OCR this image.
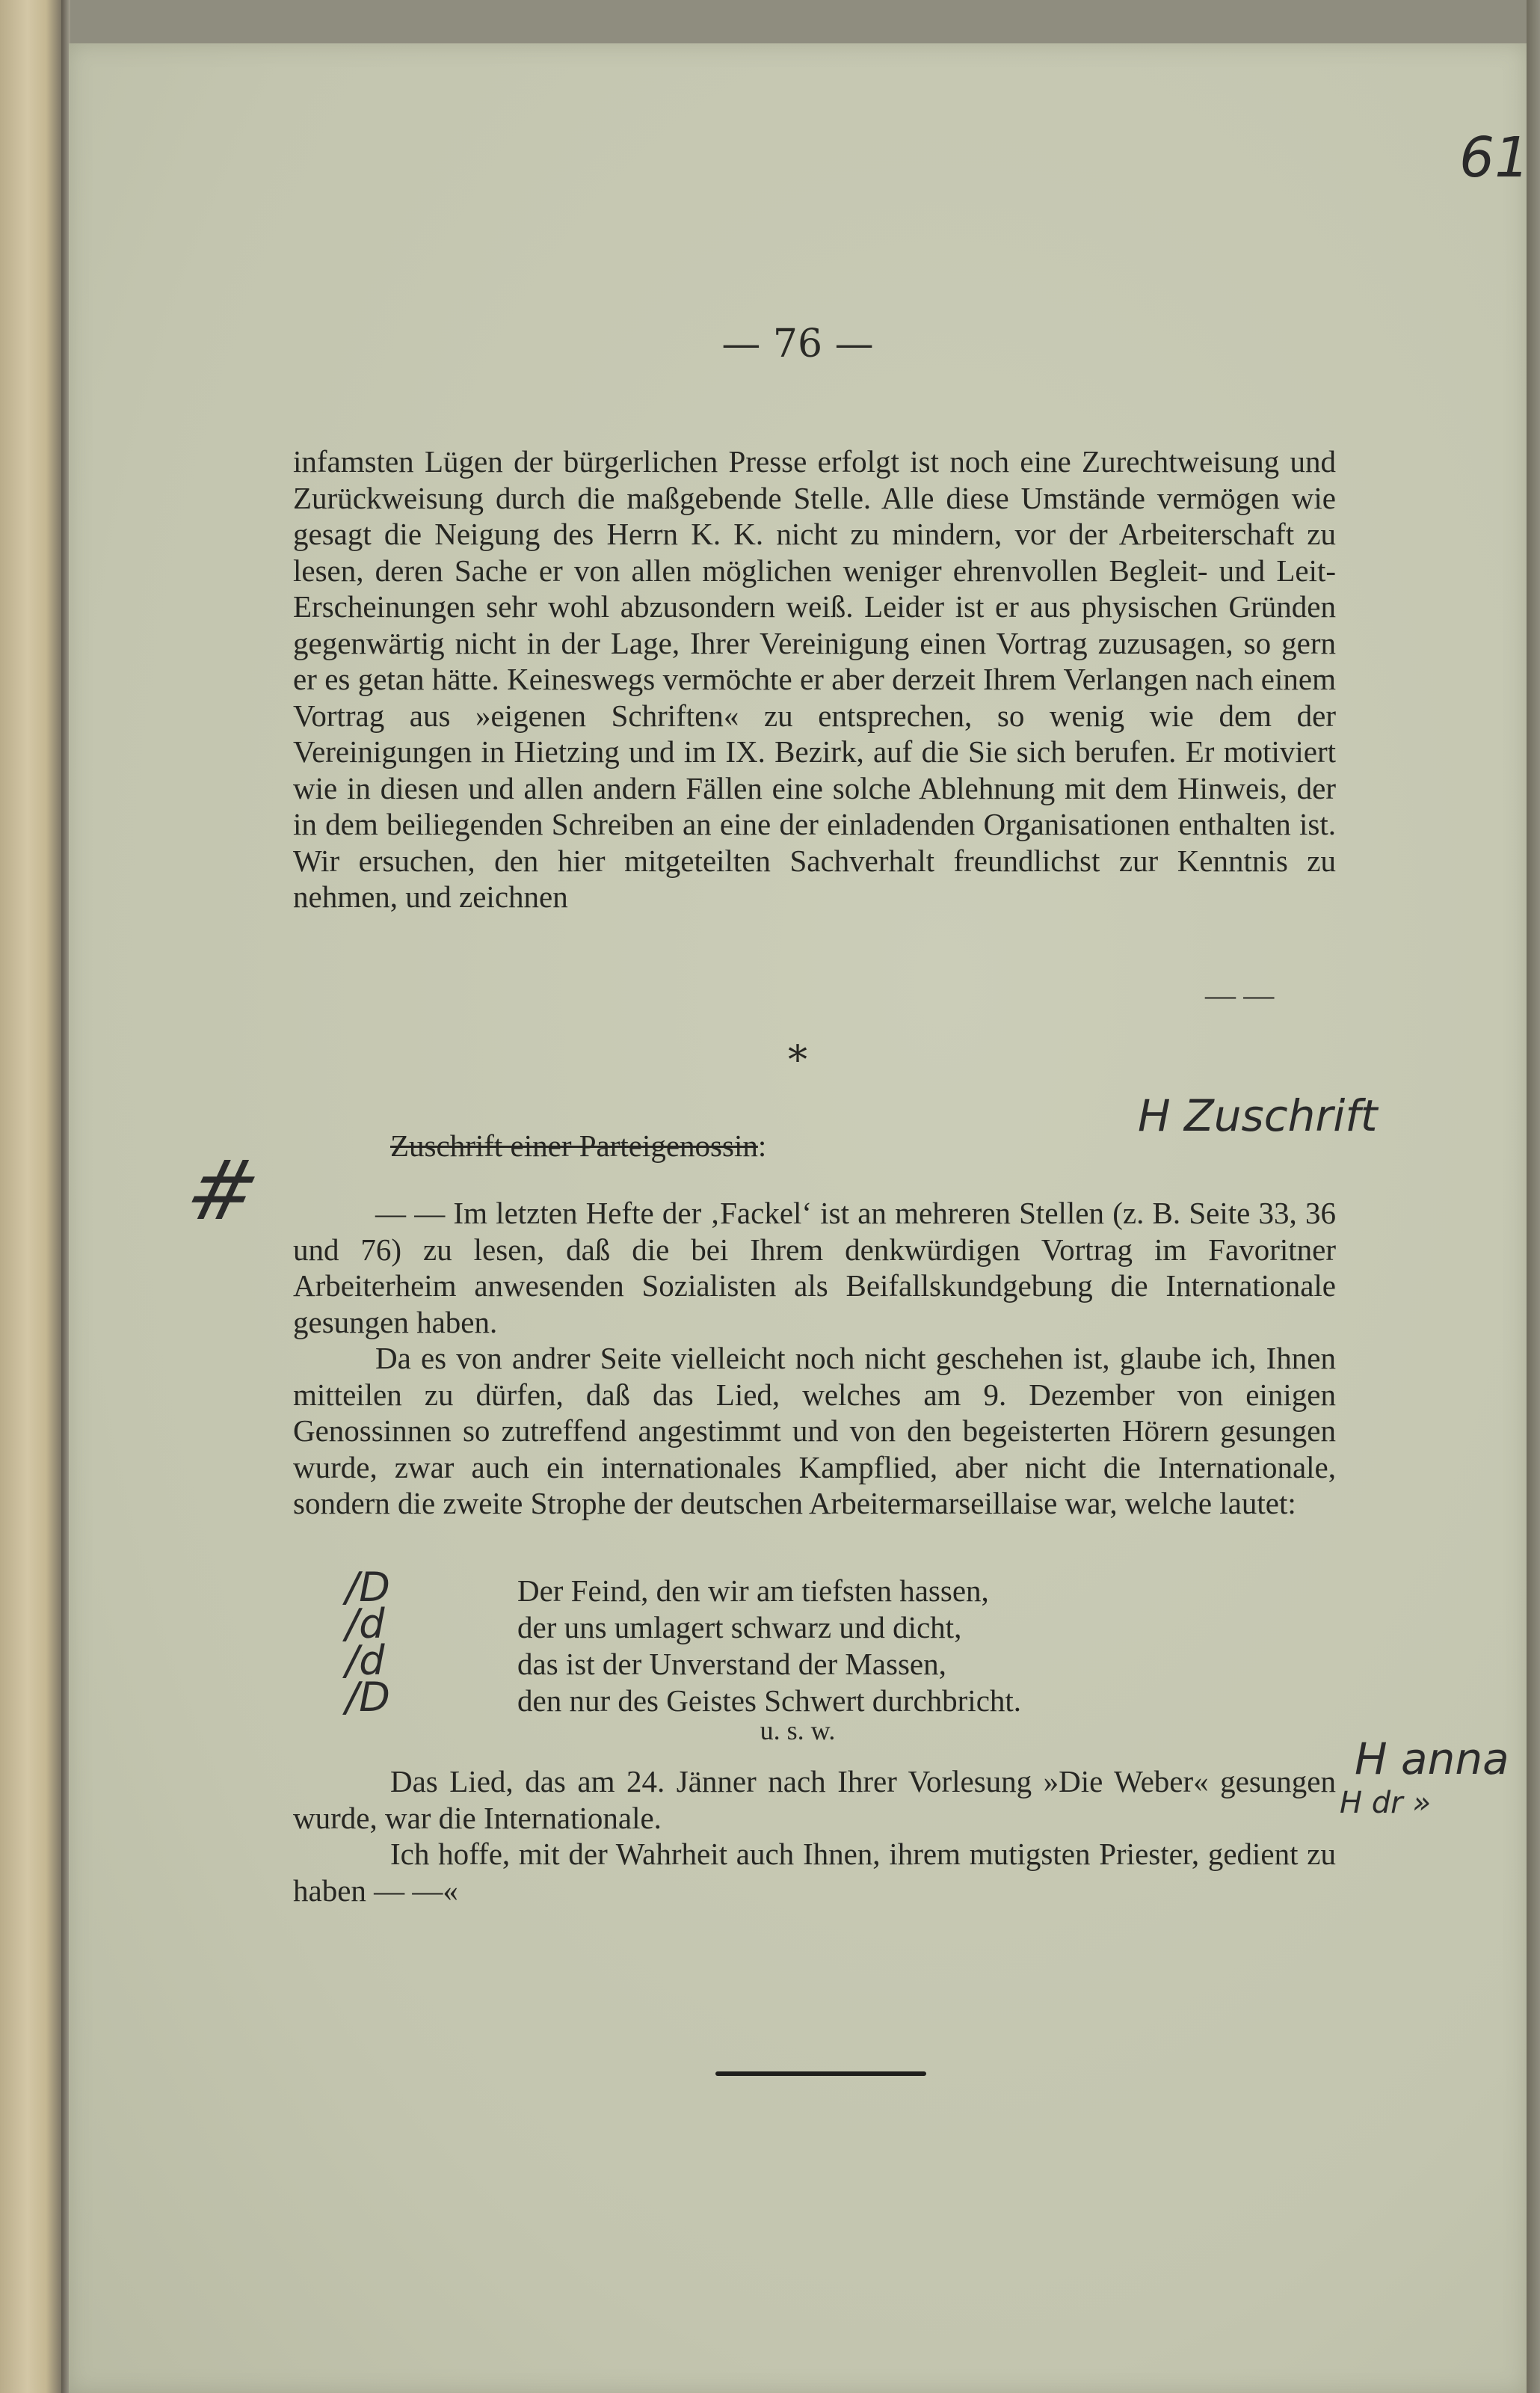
61
— 76 —
infamsten Lügen der bürgerlichen Presse erfolgt ist noch eine Zurechtweisung und Zurückweisung durch die maßgebende Stelle. Alle diese Umstände vermögen wie gesagt die Neigung des Herrn K. K. nicht zu mindern, vor der Arbeiterschaft zu lesen, deren Sache er von allen möglichen weniger ehrenvollen Begleit- und Leit-Erscheinungen sehr wohl abzusondern weiß. Leider ist er aus physischen Gründen gegenwärtig nicht in der Lage, Ihrer Vereinigung einen Vortrag zuzusagen, so gern er es getan hätte. Keineswegs vermöchte er aber derzeit Ihrem Verlangen nach einem Vortrag aus »eigenen Schriften« zu entsprechen, so wenig wie dem der Vereinigungen in Hietzing und im IX. Bezirk, auf die Sie sich berufen. Er motiviert wie in diesen und allen andern Fällen eine solche Ablehnung mit dem Hinweis, der in dem beiliegenden Schreiben an eine der einladenden Organisationen enthalten ist. Wir ersuchen, den hier mitgeteilten Sachverhalt freundlichst zur Kenntnis zu nehmen, und zeichnen
— —
*
H Zuschrift
#	Zuschrift einer Parteigenossin:
— — Im letzten Hefte der ‚Fackel‘ ist an mehreren Stellen (z. B. Seite 33, 36 und 76) zu lesen, daß die bei Ihrem denkwürdigen Vortrag im Favoritner Arbeiterheim anwesenden Sozialisten als Beifallskundgebung die Internationale gesungen haben.
Da es von andrer Seite vielleicht noch nicht geschehen ist, glaube ich, Ihnen mitteilen zu dürfen, daß das Lied, welches am 9. Dezember von einigen Genossinnen so zutreffend angestimmt und von den begeisterten Hörern gesungen wurde, zwar auch ein internationales Kampflied, aber nicht die Internationale, sondern die zweite Strophe der deutschen Arbeitermarseillaise war, welche lautet:
/D
/d
/d
/D
Der Feind, den wir am tiefsten hassen,
der uns umlagert schwarz und dicht,
das ist der Unverstand der Massen,
den nur des Geistes Schwert durchbricht.
u. s. w.
Das Lied, das am 24. Jänner nach Ihrer Vorlesung »Die Weber« gesungen wurde, war die Internationale.
Ich hoffe, mit der Wahrheit auch Ihnen, ihrem mutigsten Priester, gedient zu haben — —«
H anna
H dr »
